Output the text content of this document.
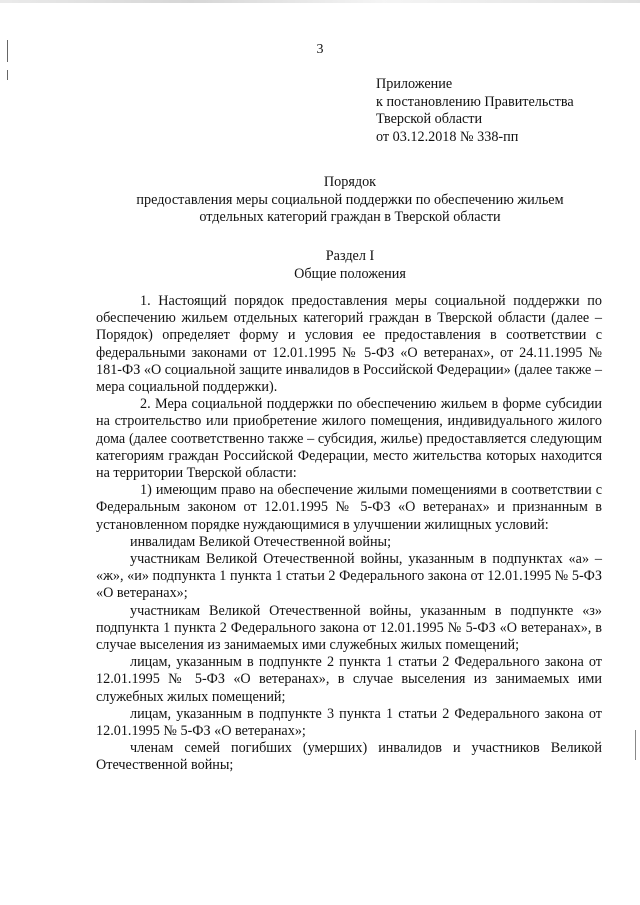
3
Приложение
к постановлению Правительства
Тверской области
от 03.12.2018 № 338-пп
Порядок
предоставления меры социальной поддержки по обеспечению жильем
отдельных категорий граждан в Тверской области
Раздел I
Общие положения

1. Настоящий порядок предоставления меры социальной поддержки по обеспечению жильем отдельных категорий граждан в Тверской области (далее – Порядок) определяет форму и условия ее предоставления в соответствии с федеральными законами от 12.01.1995 № 5-ФЗ «О ветеранах», от 24.11.1995 № 181-ФЗ «О социальной защите инвалидов в Российской Федерации» (далее также – мера социальной поддержки).

2. Мера социальной поддержки по обеспечению жильем в форме субсидии на строительство или приобретение жилого помещения, индивидуального жилого дома (далее соответственно также – субсидия, жилье) предоставляется следующим категориям граждан Российской Федерации, место жительства которых находится на территории Тверской области:

1) имеющим право на обеспечение жилыми помещениями в соответствии с Федеральным законом от 12.01.1995 № 5-ФЗ «О ветеранах» и признанным в установленном порядке нуждающимися в улучшении жилищных условий:

инвалидам Великой Отечественной войны;

участникам Великой Отечественной войны, указанным в подпунктах «а» – «ж», «и» подпункта 1 пункта 1 статьи 2 Федерального закона от 12.01.1995 № 5-ФЗ «О ветеранах»;

участникам Великой Отечественной войны, указанным в подпункте «з» подпункта 1 пункта 2 Федерального закона от 12.01.1995 № 5-ФЗ «О ветеранах», в случае выселения из занимаемых ими служебных жилых помещений;

лицам, указанным в подпункте 2 пункта 1 статьи 2 Федерального закона от 12.01.1995 № 5-ФЗ «О ветеранах», в случае выселения из занимаемых ими служебных жилых помещений;

лицам, указанным в подпункте 3 пункта 1 статьи 2 Федерального закона от 12.01.1995 № 5-ФЗ «О ветеранах»;

членам семей погибших (умерших) инвалидов и участников Великой Отечественной войны;
